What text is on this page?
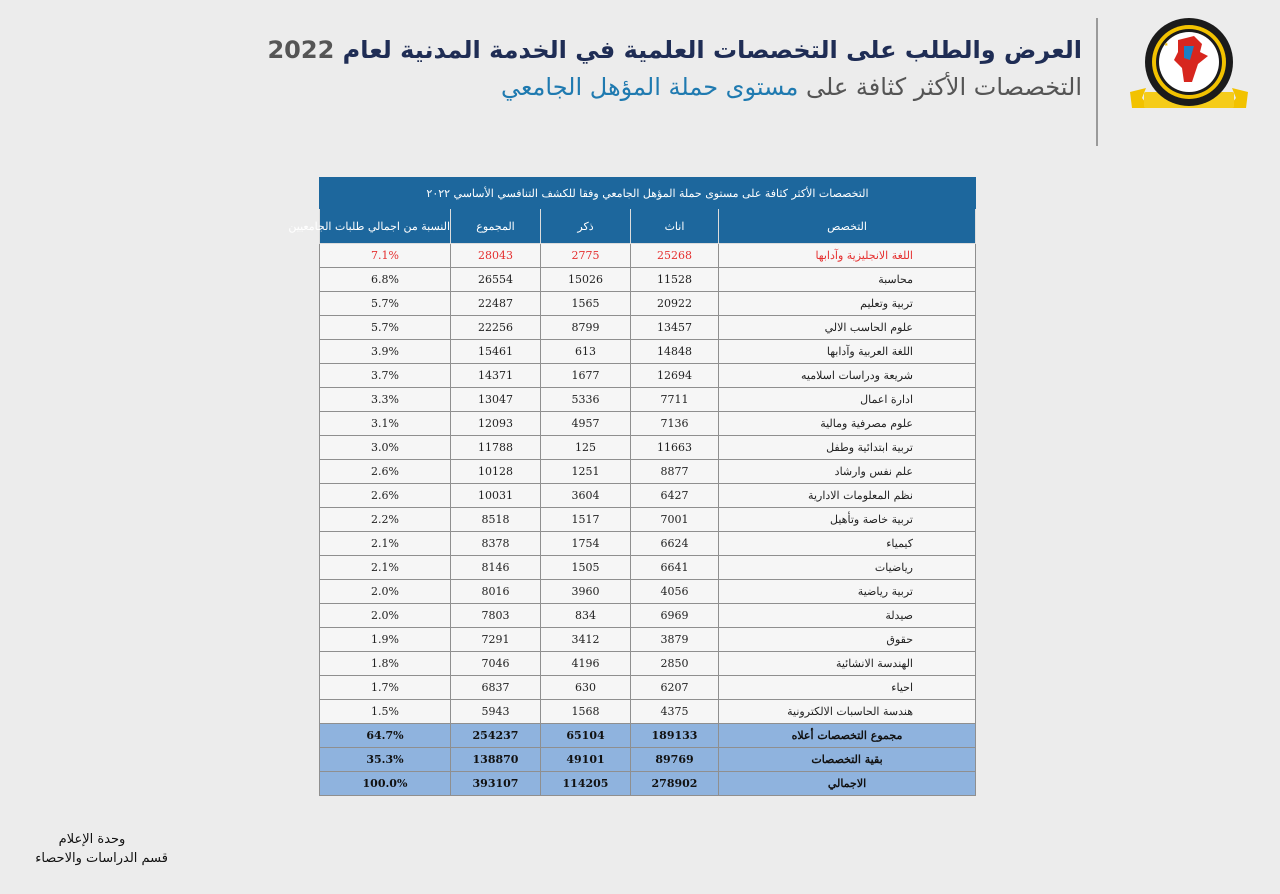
العرض والطلب على التخصصات العلمية في الخدمة المدنية لعام 2022
التخصصات الأكثر كثافة على مستوى حملة المؤهل الجامعي
★
التخصصات الأكثر كثافة على مستوى حملة المؤهل الجامعي وفقا للكشف التنافسي الأساسي ٢٠٢٢				
التخصص	اناث	ذكر	المجموع	النسبة من اجمالي طلبات الجامعيين
اللغة الانجليزية وآدابها	25268	2775	28043	7.1%
محاسبة	11528	15026	26554	6.8%
تربية وتعليم	20922	1565	22487	5.7%
علوم الحاسب الالي	13457	8799	22256	5.7%
اللغة العربية وآدابها	14848	613	15461	3.9%
شريعة ودراسات اسلاميه	12694	1677	14371	3.7%
ادارة اعمال	7711	5336	13047	3.3%
علوم مصرفية ومالية	7136	4957	12093	3.1%
تربية ابتدائية وطفل	11663	125	11788	3.0%
علم نفس وارشاد	8877	1251	10128	2.6%
نظم المعلومات الادارية	6427	3604	10031	2.6%
تربية خاصة وتأهيل	7001	1517	8518	2.2%
كيمياء	6624	1754	8378	2.1%
رياضيات	6641	1505	8146	2.1%
تربية رياضية	4056	3960	8016	2.0%
صيدلة	6969	834	7803	2.0%
حقوق	3879	3412	7291	1.9%
الهندسة الانشائية	2850	4196	7046	1.8%
احياء	6207	630	6837	1.7%
هندسة الحاسبات الالكترونية	4375	1568	5943	1.5%
مجموع التخصصات أعلاه	189133	65104	254237	64.7%
بقية التخصصات	89769	49101	138870	35.3%
الاجمالي	278902	114205	393107	100.0%
وحدة الإعلام
قسم الدراسات والاحصاء
